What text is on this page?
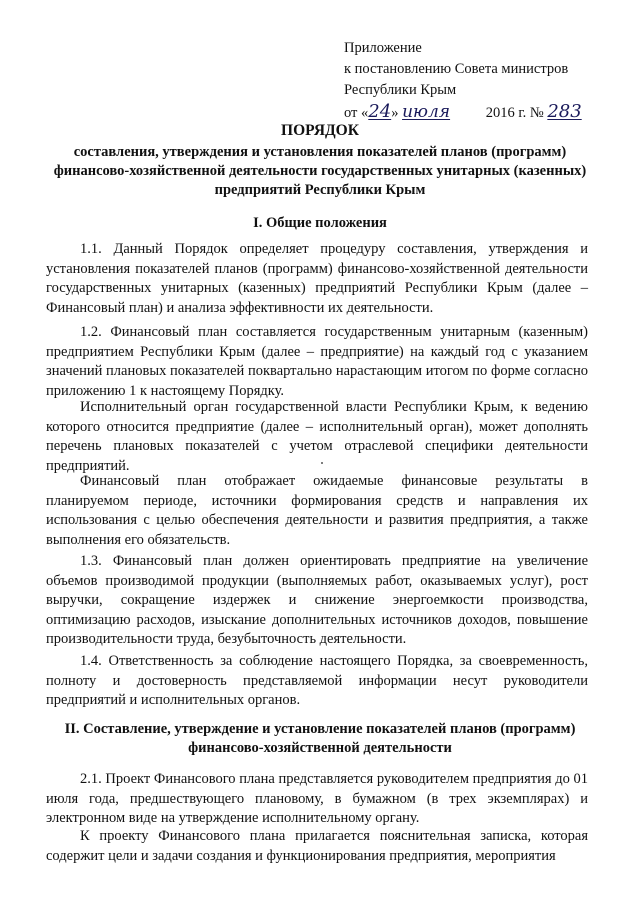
Приложение
к постановлению Совета министров
Республики Крым
от «24» июля 2016 г. № 283
ПОРЯДОК
составления, утверждения и установления показателей планов (программ) финансово-хозяйственной деятельности государственных унитарных (казенных) предприятий Республики Крым
I. Общие положения
1.1. Данный Порядок определяет процедуру составления, утверждения и установления показателей планов (программ) финансово-хозяйственной деятельности государственных унитарных (казенных) предприятий Республики Крым (далее – Финансовый план) и анализа эффективности их деятельности.
1.2. Финансовый план составляется государственным унитарным (казенным) предприятием Республики Крым (далее – предприятие) на каждый год с указанием значений плановых показателей поквартально нарастающим итогом по форме согласно приложению 1 к настоящему Порядку.
Исполнительный орган государственной власти Республики Крым, к ведению которого относится предприятие (далее – исполнительный орган), может дополнять перечень плановых показателей с учетом отраслевой специфики деятельности предприятий.
Финансовый план отображает ожидаемые финансовые результаты в планируемом периоде, источники формирования средств и направления их использования с целью обеспечения деятельности и развития предприятия, а также выполнения его обязательств.
1.3. Финансовый план должен ориентировать предприятие на увеличение объемов производимой продукции (выполняемых работ, оказываемых услуг), рост выручки, сокращение издержек и снижение энергоемкости производства, оптимизацию расходов, изыскание дополнительных источников доходов, повышение производительности труда, безубыточность деятельности.
1.4. Ответственность за соблюдение настоящего Порядка, за своевременность, полноту и достоверность представляемой информации несут руководители предприятий и исполнительных органов.
II. Составление, утверждение и установление показателей планов (программ) финансово-хозяйственной деятельности
2.1. Проект Финансового плана представляется руководителем предприятия до 01 июля года, предшествующего плановому, в бумажном (в трех экземплярах) и электронном виде на утверждение исполнительному органу.
К проекту Финансового плана прилагается пояснительная записка, которая содержит цели и задачи создания и функционирования предприятия, мероприятия
